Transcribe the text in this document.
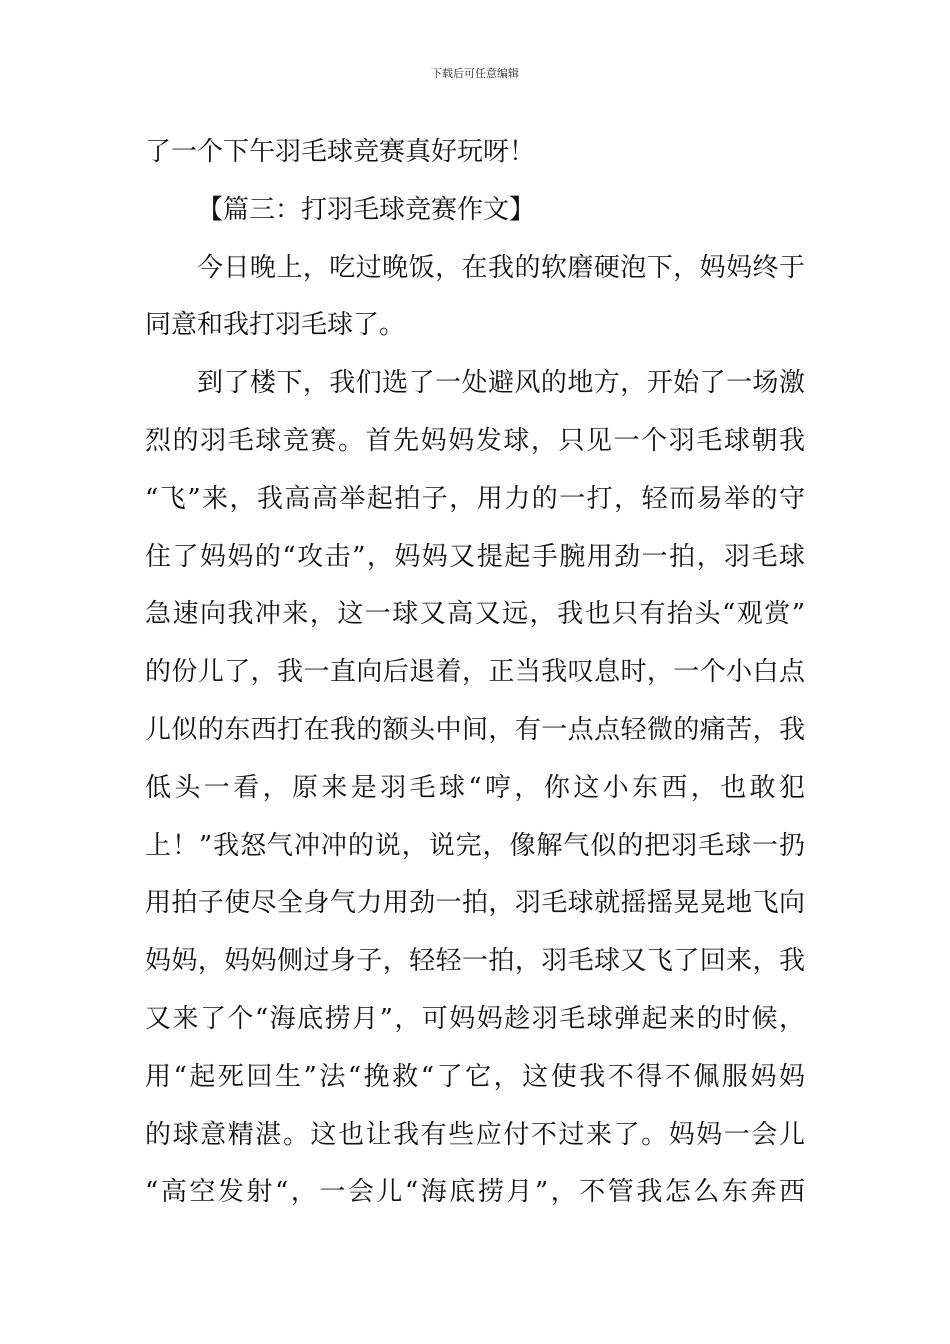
下载后可任意编辑
了一个下午羽毛球竞赛真好玩呀！
【篇三：打羽毛球竞赛作文】
今日晚上，吃过晚饭，在我的软磨硬泡下，妈妈终于
同意和我打羽毛球了。
到了楼下，我们选了一处避风的地方，开始了一场激
烈的羽毛球竞赛。首先妈妈发球，只见一个羽毛球朝我
“飞”来，我高高举起拍子，用力的一打，轻而易举的守
住了妈妈的“攻击”，妈妈又提起手腕用劲一拍，羽毛球
急速向我冲来，这一球又高又远，我也只有抬头“观赏”
的份儿了，我一直向后退着，正当我叹息时，一个小白点
儿似的东西打在我的额头中间，有一点点轻微的痛苦，我
低头一看，原来是羽毛球“哼，你这小东西，也敢犯
上！”我怒气冲冲的说，说完，像解气似的把羽毛球一扔
用拍子使尽全身气力用劲一拍，羽毛球就摇摇晃晃地飞向
妈妈，妈妈侧过身子，轻轻一拍，羽毛球又飞了回来，我
又来了个“海底捞月”，可妈妈趁羽毛球弹起来的时候，
用“起死回生”法“挽救“了它，这使我不得不佩服妈妈
的球意精湛。这也让我有些应付不过来了。妈妈一会儿
“高空发射“，一会儿“海底捞月”，不管我怎么东奔西
